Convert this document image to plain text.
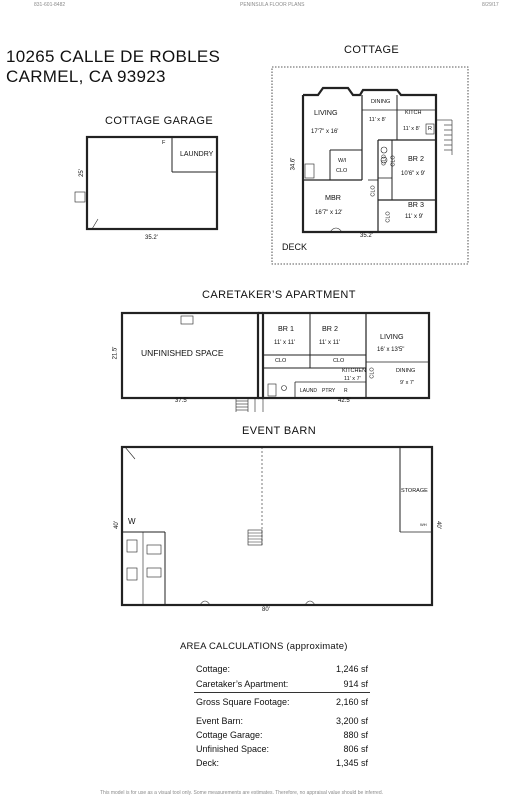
831-601-8482	PENINSULA FLOOR PLANS	8/29/17
10265 CALLE DE ROBLES
CARMEL, CA 93923
COTTAGE
COTTAGE GARAGE
CARETAKER’S APARTMENT
EVENT BARN
LIVING
17'7" x 16'
DINING
11' x 8'
KITCH
11' x 8' R
W/I
CLO
CLO CLO
CLO
CLO
BR 2
10'6" x 9'
MBR
16'7" x 12'
BR 3
11' x 9'
34.6'
35.2'
DECK
F
LAUNDRY
25'
35.2'
UNFINISHED SPACE
BR 1
11' x 11'
BR 2
11' x 11'
LIVING
16' x 13'5"
CLO	CLO
CLO
KITCHEN
11' x 7'
DINING
9' x 7'
LAUND PTRY R
21.5'
37.5'	42.5'
STORAGE
WH
W
40'	40'
80'
AREA CALCULATIONS (approximate)
Cottage:	1,246 sf
Caretaker’s Apartment:	914 sf
Gross Square Footage:	2,160 sf
Event Barn:	3,200 sf
Cottage Garage:	880 sf
Unfinished Space:	806 sf
Deck:	1,345 sf
This model is for use as a visual tool only. Some measurements are estimates. Therefore, no appraisal value should be inferred.
